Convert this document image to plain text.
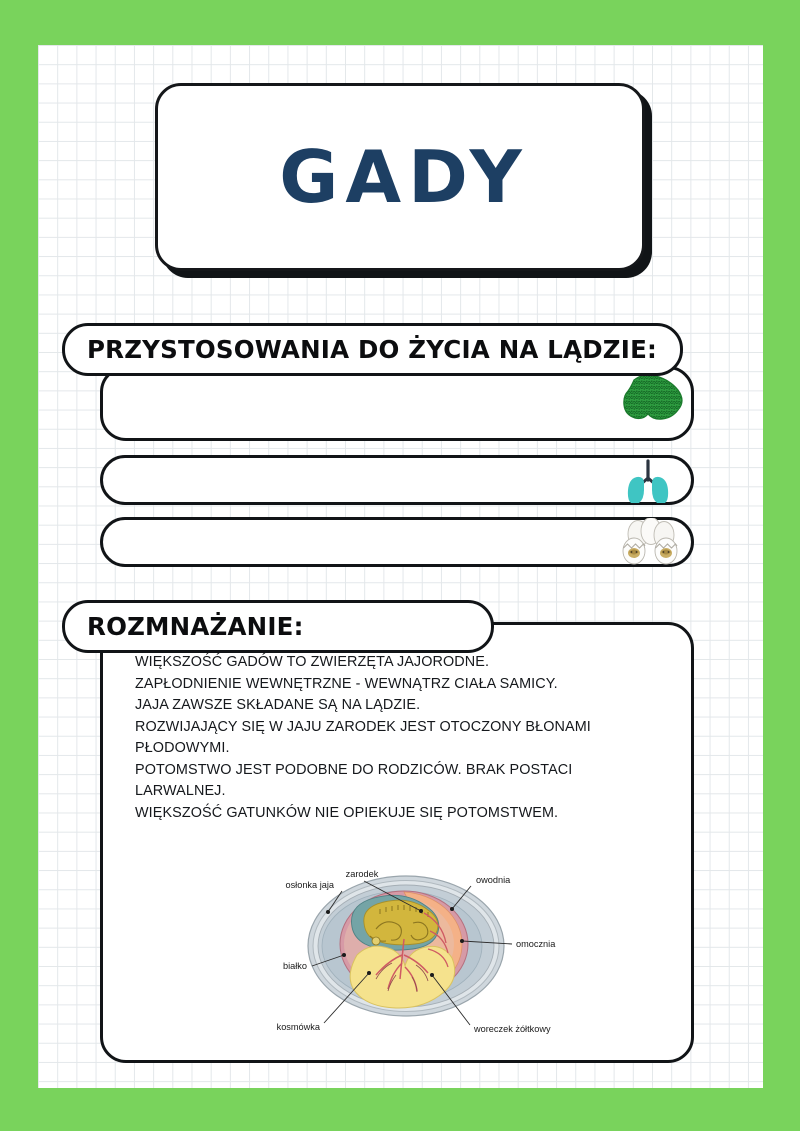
GADY
PRZYSTOSOWANIA DO ŻYCIA NA LĄDZIE:
ROZMNAŻANIE:
WIĘKSZOŚĆ GADÓW TO ZWIERZĘTA JAJORODNE.
ZAPŁODNIENIE WEWNĘTRZNE - WEWNĄTRZ CIAŁA SAMICY.
JAJA ZAWSZE SKŁADANE SĄ NA LĄDZIE.
ROZWIJAJĄCY SIĘ W JAJU ZARODEK JEST OTOCZONY BŁONAMI
PŁODOWYMI.
POTOMSTWO JEST PODOBNE DO RODZICÓW. BRAK POSTACI
LARWALNEJ.
WIĘKSZOŚĆ GATUNKÓW NIE OPIEKUJE SIĘ POTOMSTWEM.
zarodek
osłonka jaja	owodnia
omocznia
białko
kosmówka	woreczek żółtkowy
